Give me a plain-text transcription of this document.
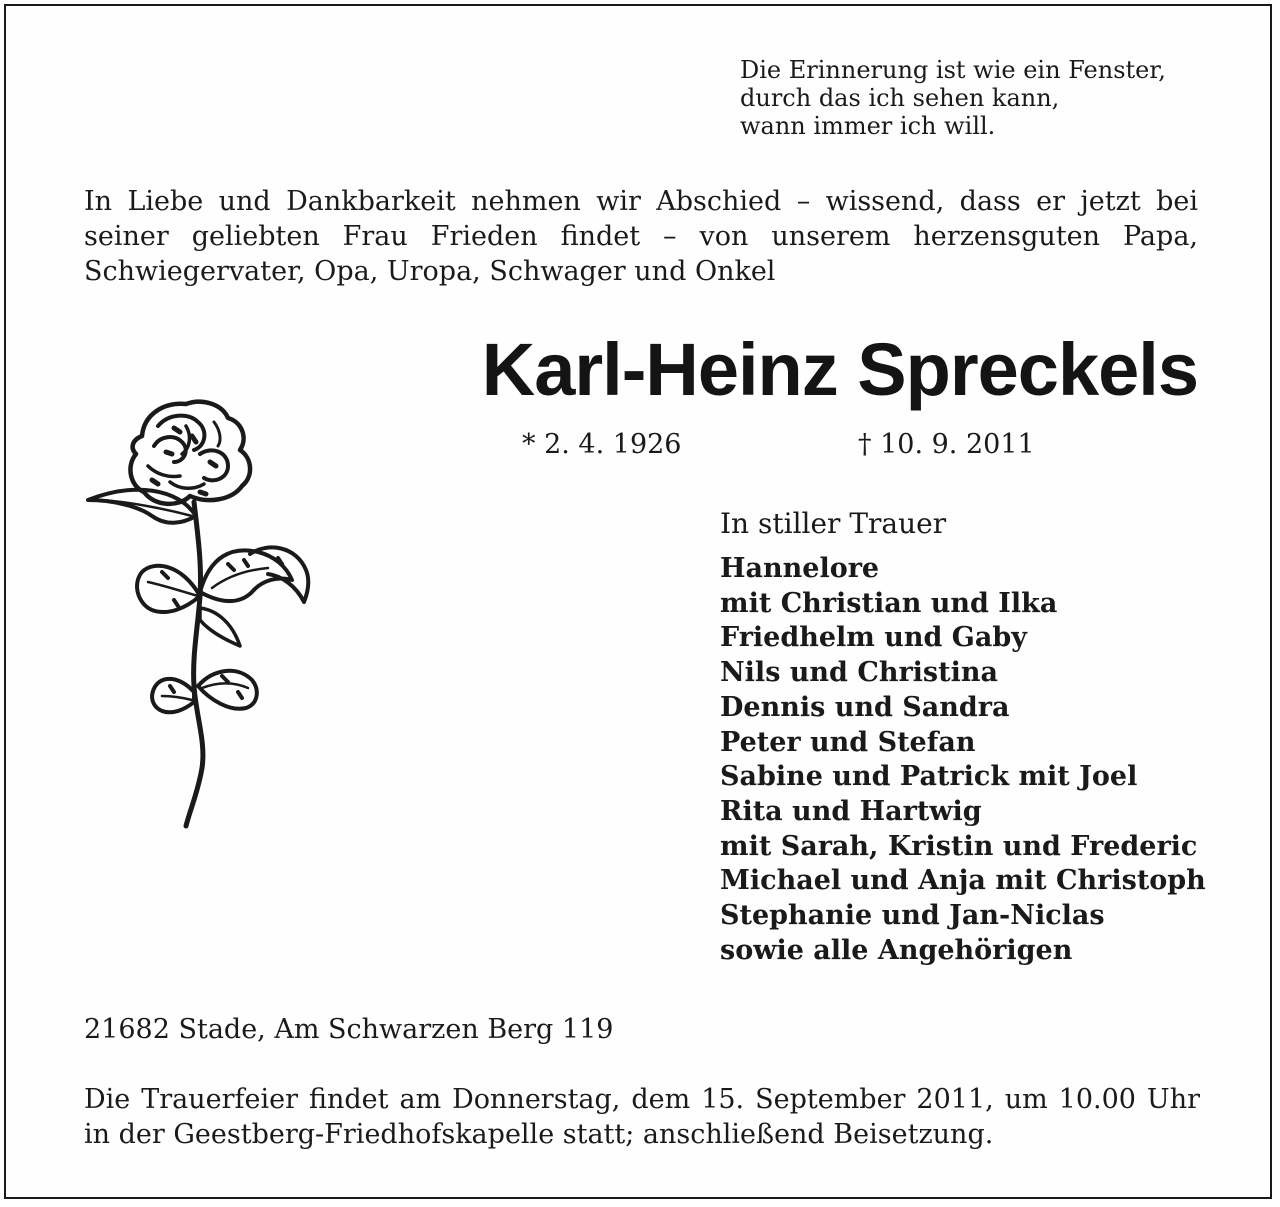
Die Erinnerung ist wie ein Fenster,
durch das ich sehen kann,
wann immer ich will.
In Liebe und Dankbarkeit nehmen wir Abschied – wissend, dass er jetzt bei
seiner geliebten Frau Frieden findet – von unserem herzensguten Papa,
Schwiegervater, Opa, Uropa, Schwager und Onkel
Karl-Heinz Spreckels
* 2. 4. 1926	† 10. 9. 2011
In stiller Trauer
Hannelore
mit Christian und Ilka
Friedhelm und Gaby
Nils und Christina
Dennis und Sandra
Peter und Stefan
Sabine und Patrick mit Joel
Rita und Hartwig
mit Sarah, Kristin und Frederic
Michael und Anja mit Christoph
Stephanie und Jan-Niclas
sowie alle Angehörigen
21682 Stade, Am Schwarzen Berg 119
Die Trauerfeier findet am Donnerstag, dem 15. September 2011, um 10.00 Uhr
in der Geestberg-Friedhofskapelle statt; anschließend Beisetzung.
